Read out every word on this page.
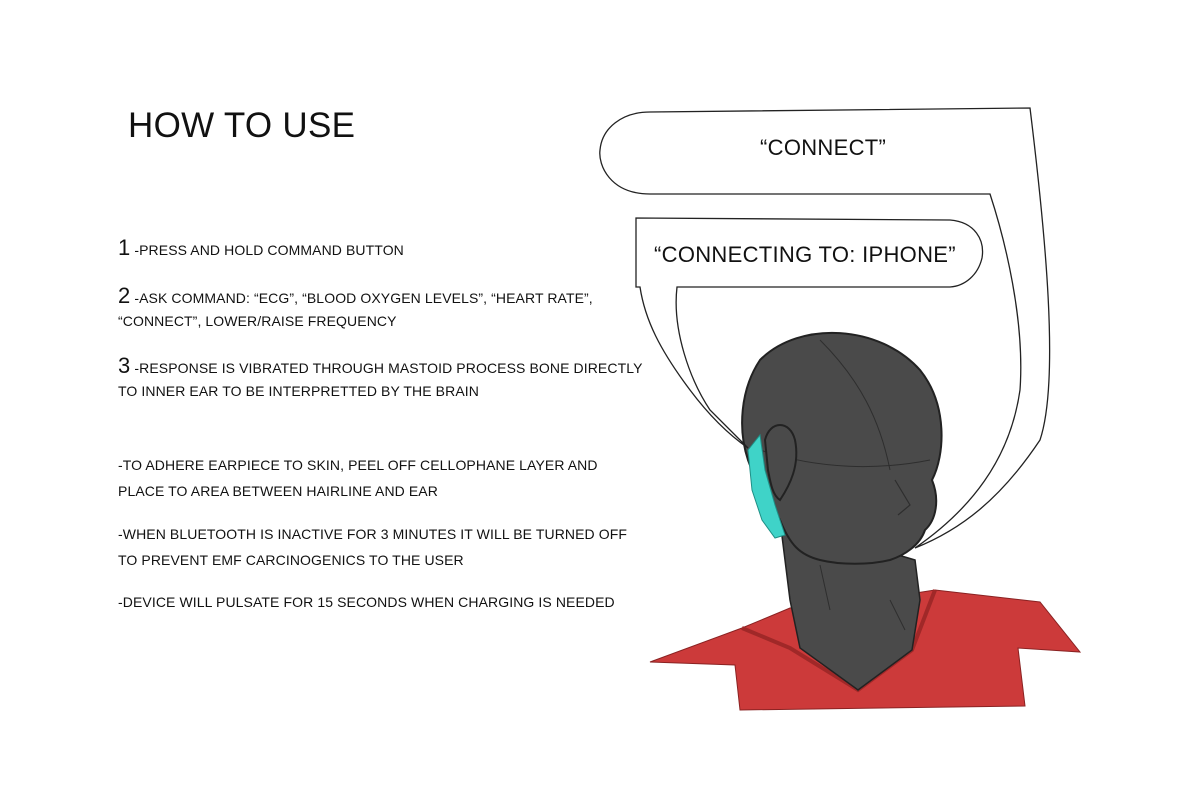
HOW TO USE
1 -PRESS AND HOLD COMMAND BUTTON
2 -ASK COMMAND: “ECG”, “BLOOD OXYGEN LEVELS”, “HEART RATE”,
“CONNECT”, LOWER/RAISE FREQUENCY
3 -RESPONSE IS VIBRATED THROUGH MASTOID PROCESS BONE DIRECTLY
TO INNER EAR TO BE INTERPRETTED BY THE BRAIN

-TO ADHERE EARPIECE TO SKIN, PEEL OFF CELLOPHANE LAYER AND
PLACE TO AREA BETWEEN HAIRLINE AND EAR

-WHEN BLUETOOTH IS INACTIVE FOR 3 MINUTES IT WILL BE TURNED OFF
TO PREVENT EMF CARCINOGENICS TO THE USER

-DEVICE WILL PULSATE FOR 15 SECONDS WHEN CHARGING IS NEEDED

“CONNECT”
“CONNECTING TO: IPHONE”
